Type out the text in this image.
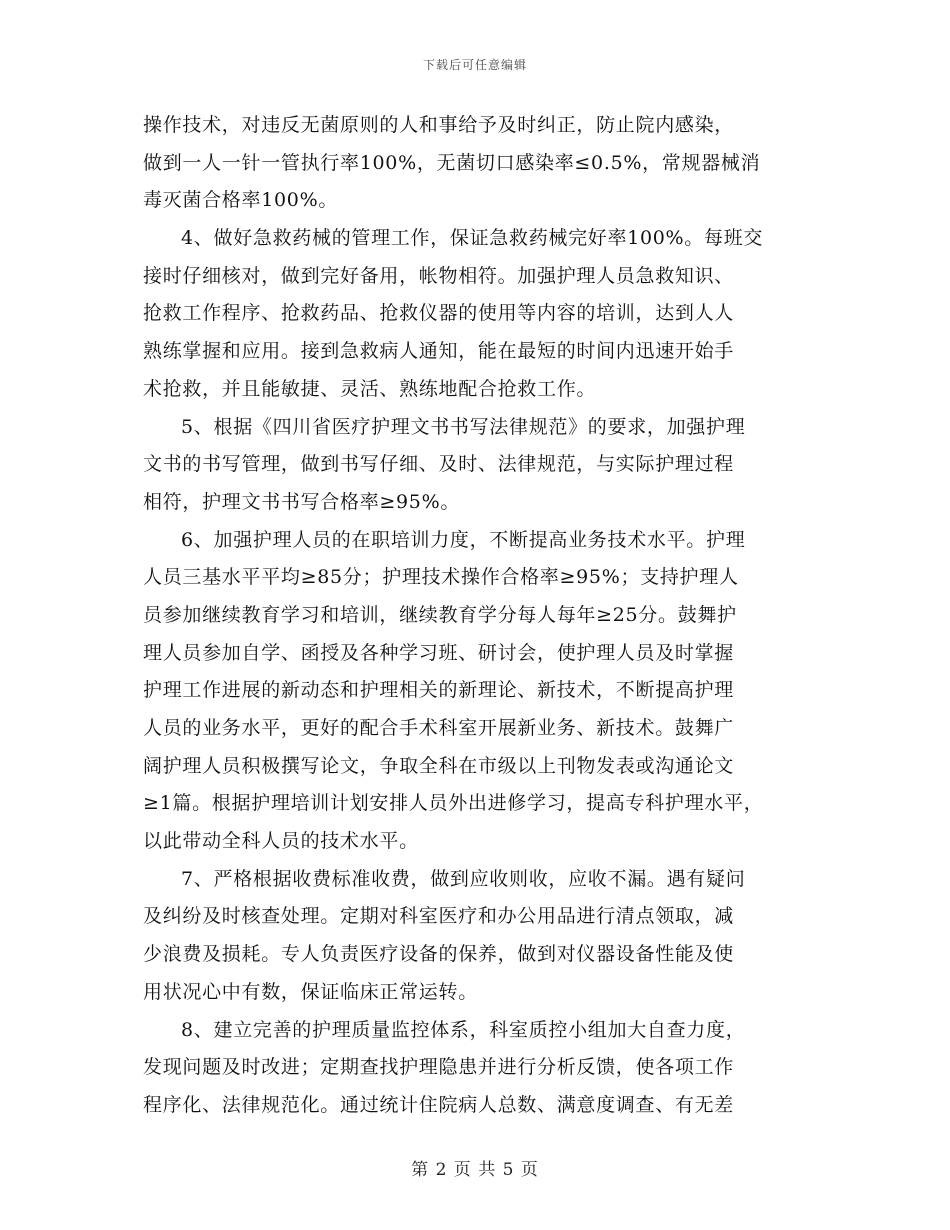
下载后可任意编辑
操作技术，对违反无菌原则的人和事给予及时纠正，防止院内感染，
做到一人一针一管执行率100%，无菌切口感染率≤0.5%，常规器械消
毒灭菌合格率100%。
4、做好急救药械的管理工作，保证急救药械完好率100%。每班交
接时仔细核对，做到完好备用，帐物相符。加强护理人员急救知识、
抢救工作程序、抢救药品、抢救仪器的使用等内容的培训，达到人人
熟练掌握和应用。接到急救病人通知，能在最短的时间内迅速开始手
术抢救，并且能敏捷、灵活、熟练地配合抢救工作。
5、根据《四川省医疗护理文书书写法律规范》的要求，加强护理
文书的书写管理，做到书写仔细、及时、法律规范，与实际护理过程
相符，护理文书书写合格率≥95%。
6、加强护理人员的在职培训力度，不断提高业务技术水平。护理
人员三基水平平均≥85分；护理技术操作合格率≥95%；支持护理人
员参加继续教育学习和培训，继续教育学分每人每年≥25分。鼓舞护
理人员参加自学、函授及各种学习班、研讨会，使护理人员及时掌握
护理工作进展的新动态和护理相关的新理论、新技术，不断提高护理
人员的业务水平，更好的配合手术科室开展新业务、新技术。鼓舞广
阔护理人员积极撰写论文，争取全科在市级以上刊物发表或沟通论文
≥1篇。根据护理培训计划安排人员外出进修学习，提高专科护理水平，
以此带动全科人员的技术水平。
7、严格根据收费标准收费，做到应收则收，应收不漏。遇有疑问
及纠纷及时核查处理。定期对科室医疗和办公用品进行清点领取，减
少浪费及损耗。专人负责医疗设备的保养，做到对仪器设备性能及使
用状况心中有数，保证临床正常运转。
8、建立完善的护理质量监控体系，科室质控小组加大自查力度，
发现问题及时改进；定期查找护理隐患并进行分析反馈，使各项工作
程序化、法律规范化。通过统计住院病人总数、满意度调查、有无差
第 2 页 共 5 页
